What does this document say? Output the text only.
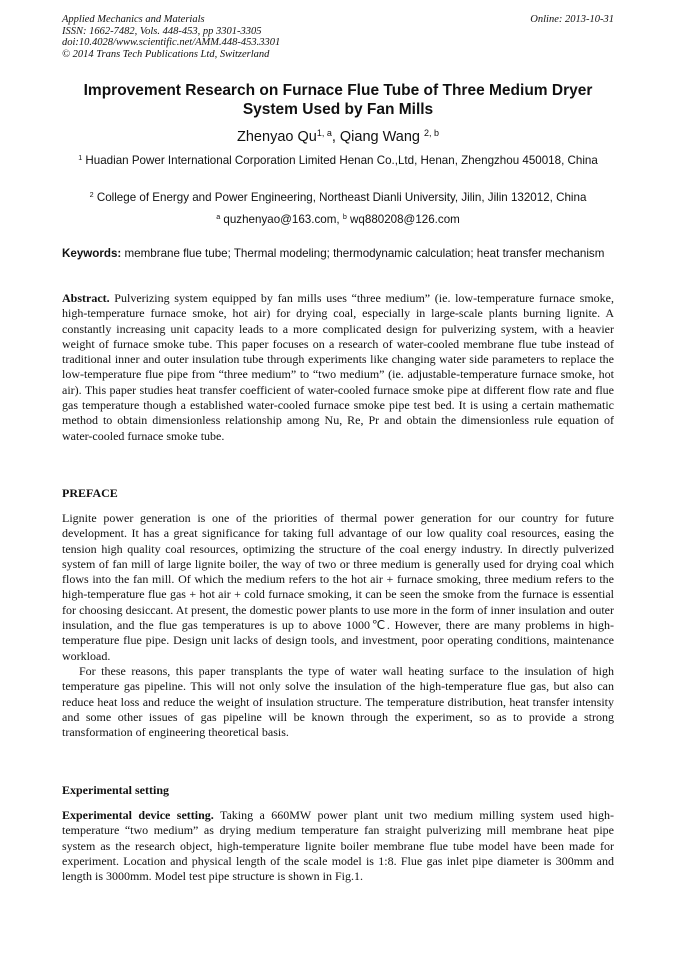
Applied Mechanics and Materials	Online: 2013-10-31
ISSN: 1662-7482, Vols. 448-453, pp 3301-3305
doi:10.4028/www.scientific.net/AMM.448-453.3301
© 2014 Trans Tech Publications Ltd, Switzerland
Improvement Research on Furnace Flue Tube of Three Medium Dryer System Used by Fan Mills
Zhenyao Qu$^{1, a}$, Qiang Wang $^{2, b}$
$^1$ Huadian Power International Corporation Limited Henan Co.,Ltd, Henan, Zhengzhou 450018, China
$^2$ College of Energy and Power Engineering, Northeast Dianli University, Jilin, Jilin 132012, China
$^a$ quzhenyao@163.com, $^b$ wq880208@126.com
Keywords: membrane flue tube; Thermal modeling; thermodynamic calculation; heat transfer mechanism
Abstract. Pulverizing system equipped by fan mills uses “three medium” (ie. low-temperature furnace smoke, high-temperature furnace smoke, hot air) for drying coal, especially in large-scale plants burning lignite. A constantly increasing unit capacity leads to a more complicated design for pulverizing system, with a heavier weight of furnace smoke tube. This paper focuses on a research of water-cooled membrane flue tube instead of traditional inner and outer insulation tube through experiments like changing water side parameters to replace the low-temperature flue pipe from “three medium” to “two medium” (ie. adjustable-temperature furnace smoke, hot air). This paper studies heat transfer coefficient of water-cooled furnace smoke pipe at different flow rate and flue gas temperature though a established water-cooled furnace smoke pipe test bed. It is using a certain mathematic method to obtain dimensionless relationship among Nu, Re, Pr and obtain the dimensionless rule equation of water-cooled furnace smoke tube.
PREFACE

Lignite power generation is one of the priorities of thermal power generation for our country for future development. It has a great significance for taking full advantage of our low quality coal resources, easing the tension high quality coal resources, optimizing the structure of the coal energy industry. In directly pulverized system of fan mill of large lignite boiler, the way of two or three medium is generally used for drying coal which flows into the fan mill. Of which the medium refers to the hot air + furnace smoking, three medium refers to the high-temperature flue gas + hot air + cold furnace smoking, it can be seen the smoke from the furnace is essential for choosing desiccant. At present, the domestic power plants to use more in the form of inner insulation and outer insulation, and the flue gas temperatures is up to above 1000℃. However, there are many problems in high-temperature flue pipe. Design unit lacks of design tools, and investment, poor operating conditions, maintenance workload.

For these reasons, this paper transplants the type of water wall heating surface to the insulation of high temperature gas pipeline. This will not only solve the insulation of the high-temperature flue gas, but also can reduce heat loss and reduce the weight of insulation structure. The temperature distribution, heat transfer intensity and some other issues of gas pipeline will be known through the experiment, so as to provide a strong transformation of engineering theoretical basis.

Experimental setting
Experimental device setting. Taking a 660MW power plant unit two medium milling system used high-temperature “two medium” as drying medium temperature fan straight pulverizing mill membrane heat pipe system as the research object, high-temperature lignite boiler membrane flue tube model have been made for experiment. Location and physical length of the scale model is 1:8. Flue gas inlet pipe diameter is 300mm and length is 3000mm. Model test pipe structure is shown in Fig.1.
